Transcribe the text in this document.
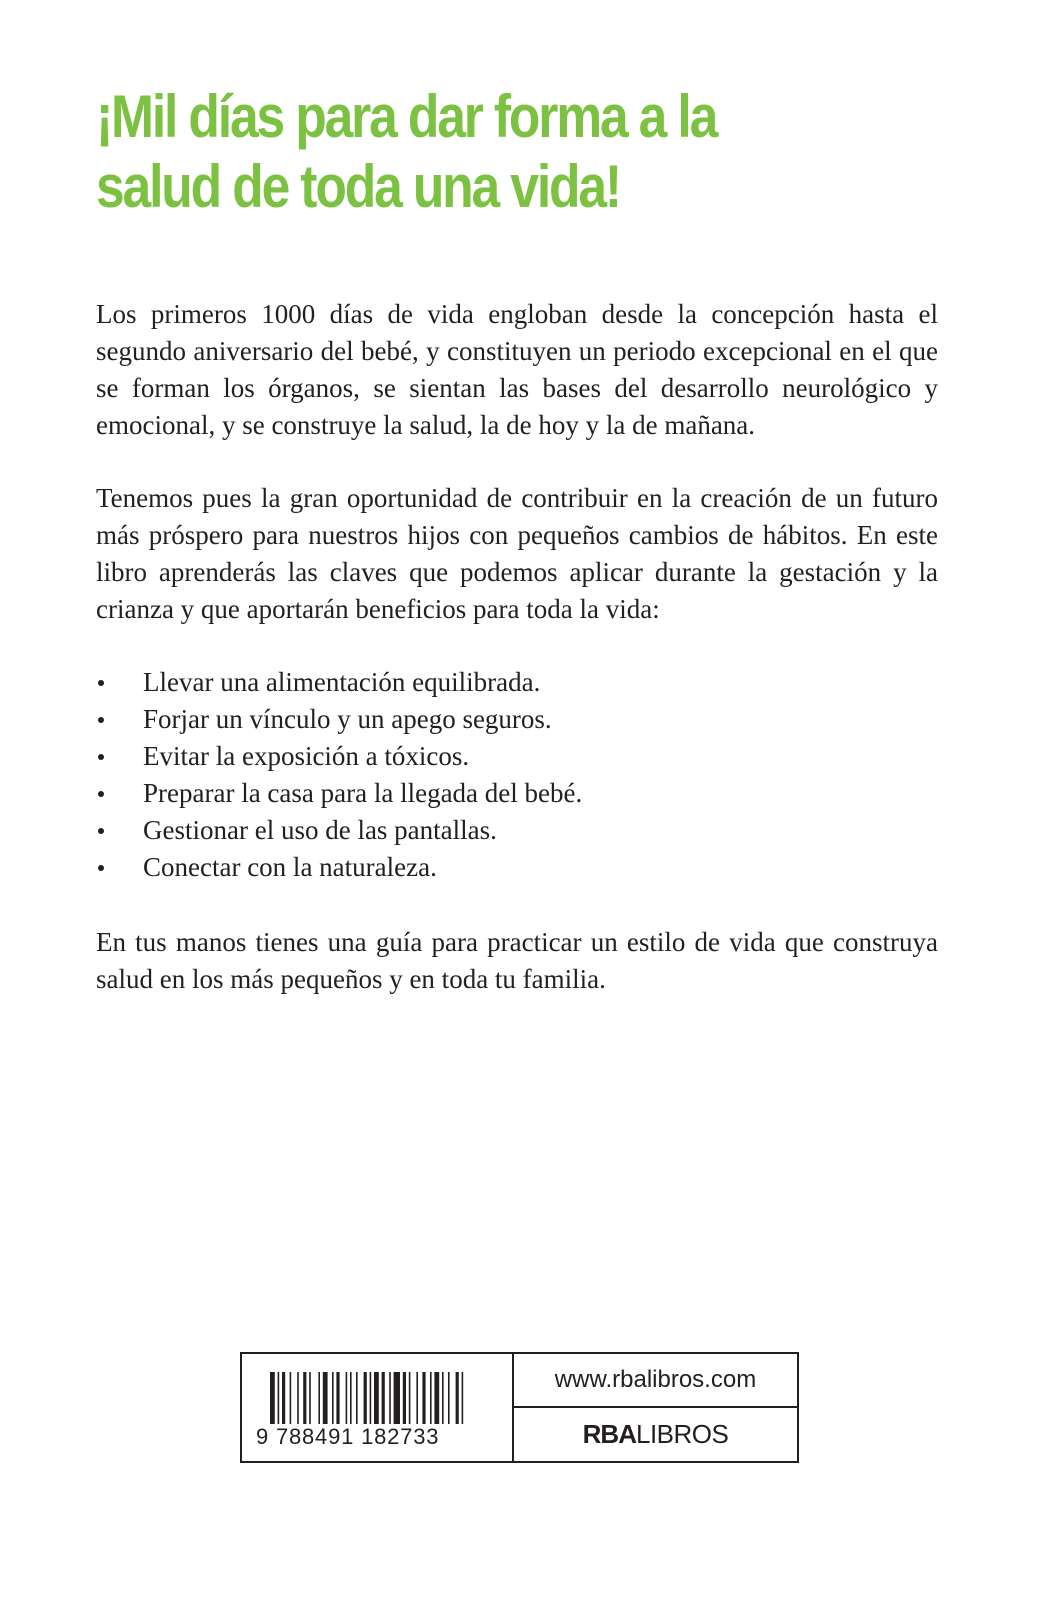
¡Mil días para dar forma a la salud de toda una vida!

Los primeros 1000 días de vida engloban desde la concepción hasta el segundo aniversario del bebé, y constituyen un periodo excepcional en el que se forman los órganos, se sientan las bases del desarrollo neurológico y emocional, y se construye la salud, la de hoy y la de mañana.

Tenemos pues la gran oportunidad de contribuir en la creación de un futuro más próspero para nuestros hijos con pequeños cambios de hábitos. En este libro aprenderás las claves que podemos aplicar durante la gestación y la crianza y que aportarán beneficios para toda la vida:

Llevar una alimentación equilibrada.
Forjar un vínculo y un apego seguros.
Evitar la exposición a tóxicos.
Preparar la casa para la llegada del bebé.
Gestionar el uso de las pantallas.
Conectar con la naturaleza.

En tus manos tienes una guía para practicar un estilo de vida que construya salud en los más pequeños y en toda tu familia.

9 788491 182733
www.rbalibros.com
RBALIBROS
